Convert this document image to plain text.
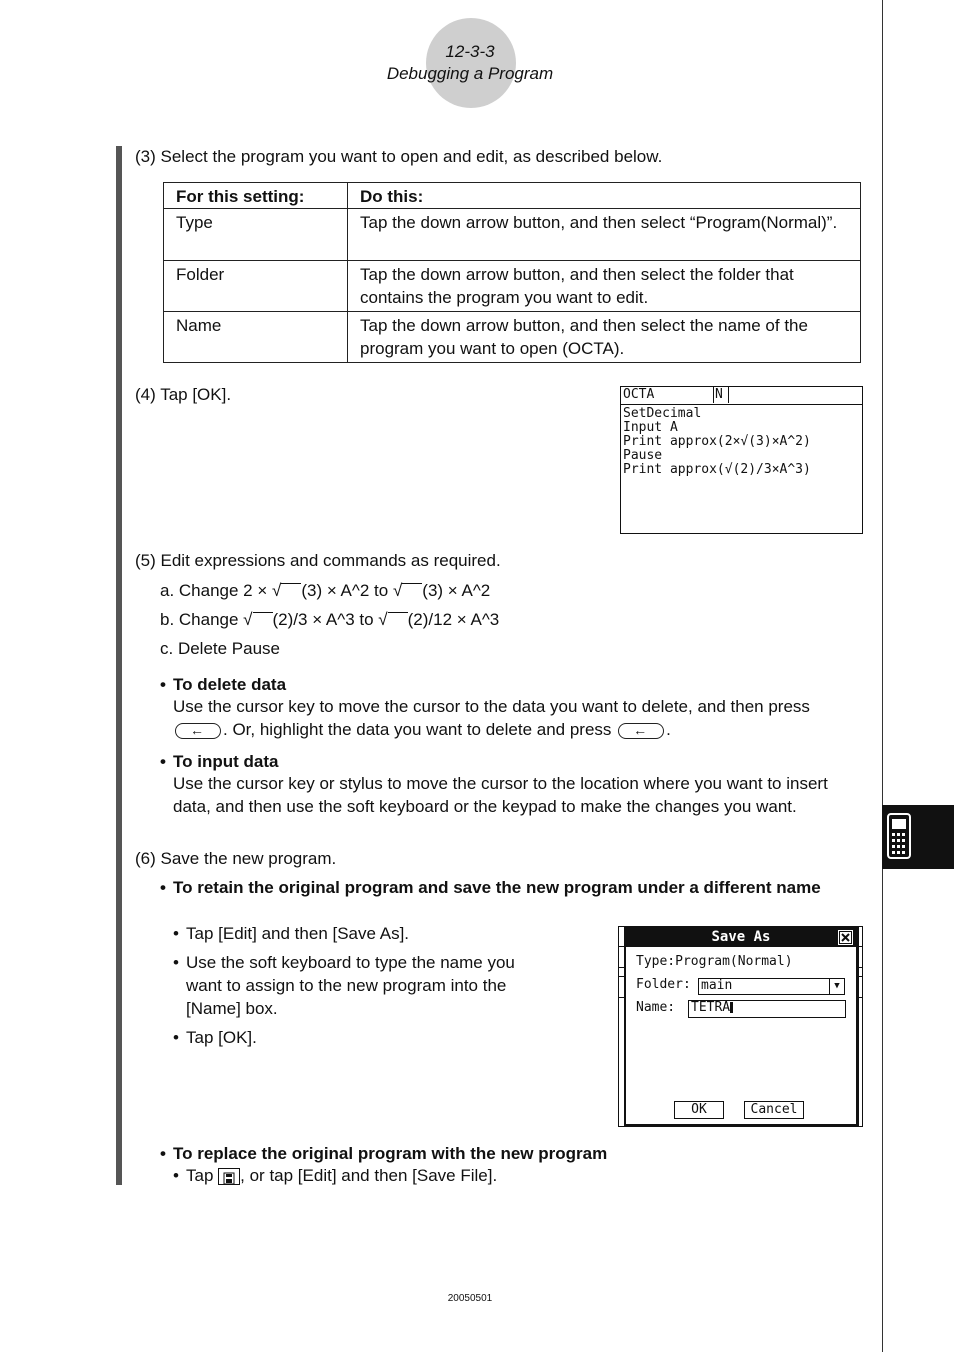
12-3-3
Debugging a Program
(3) Select the program you want to open and edit, as described below.
For this setting:	Do this:
Type	Tap the down arrow button, and then select “Program(Normal)”.
Folder	Tap the down arrow button, and then select the folder that contains the program you want to edit.
Name	Tap the down arrow button, and then select the name of the program you want to open (OCTA).
(4) Tap [OK].	OCTA	N
SetDecimal
Input A
Print approx(2×√(3)×A^2)
Pause
Print approx(√(2)/3×A^3)
(5) Edit expressions and commands as required.
a. Change 2 × √ (3) × A^2 to √ (3) × A^2
b. Change √ (2)/3 × A^3 to √ (2)/12 × A^3
c. Delete Pause
• To delete data
Use the cursor key to move the cursor to the data you want to delete, and then press
←. Or, highlight the data you want to delete and press ←	.
• To input data
Use the cursor key or stylus to move the cursor to the location where you want to insert data, and then use the soft keyboard or the keypad to make the changes you want.
(6) Save the new program.
• To retain the original program and save the new program under a different name
• Tap [Edit] and then [Save As].
• Use the soft keyboard to type the name you want to assign to the new program into the [Name] box.
• Tap [OK].
Save As
Type:Program(Normal)
Folder: main	▼
Name: TETRA
OK	Cancel
• To replace the original program with the new program
• Tap , or tap [Edit] and then [Save File].
20050501
